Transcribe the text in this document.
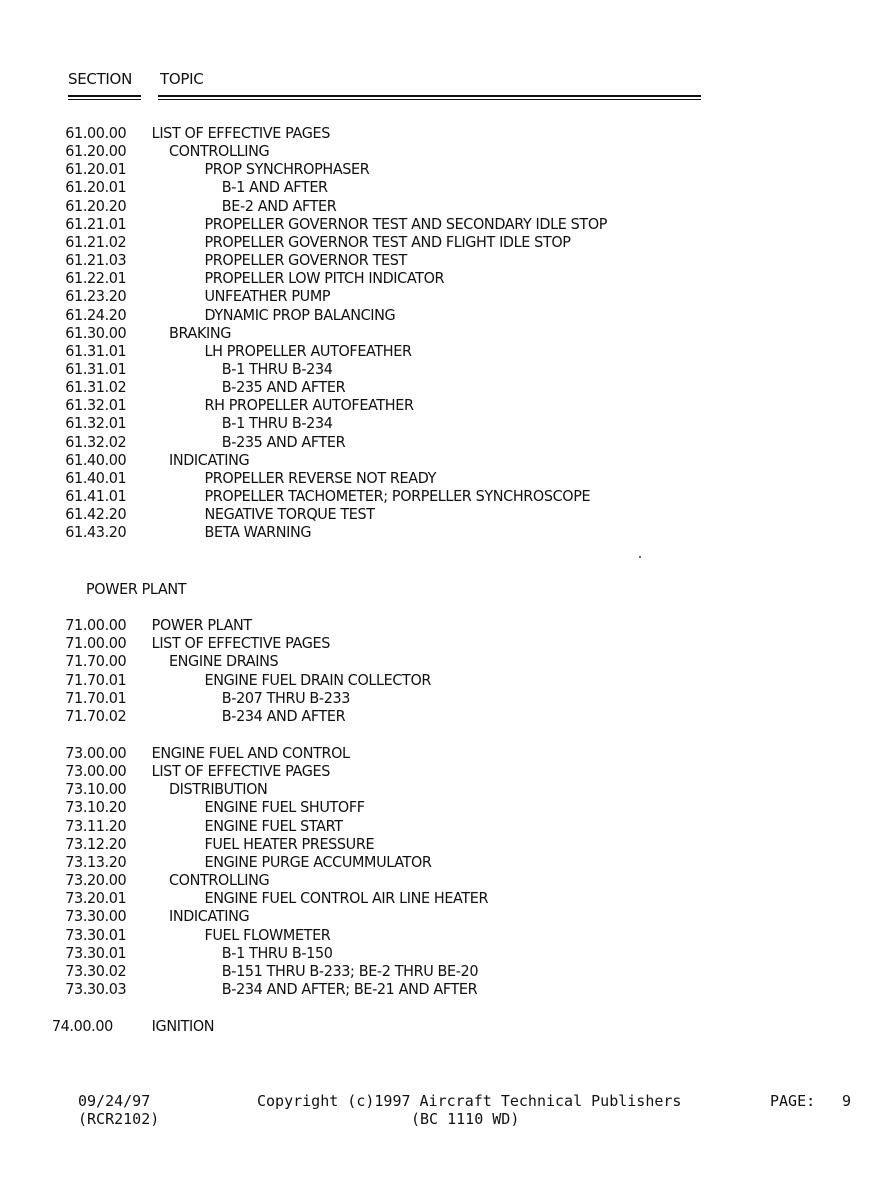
SECTION TOPIC
61.00.00 LIST OF EFFECTIVE PAGES
61.20.00	CONTROLLING
61.20.01	PROP SYNCHROPHASER
61.20.01	B-1 AND AFTER
61.20.20	BE-2 AND AFTER
61.21.01	PROPELLER GOVERNOR TEST AND SECONDARY IDLE STOP
61.21.02	PROPELLER GOVERNOR TEST AND FLIGHT IDLE STOP
61.21.03	PROPELLER GOVERNOR TEST
61.22.01	PROPELLER LOW PITCH INDICATOR
61.23.20	UNFEATHER PUMP
61.24.20	DYNAMIC PROP BALANCING
61.30.00	BRAKING
61.31.01	LH PROPELLER AUTOFEATHER
61.31.01	B-1 THRU B-234
61.31.02	B-235 AND AFTER
61.32.01	RH PROPELLER AUTOFEATHER
61.32.01	B-1 THRU B-234
61.32.02	B-235 AND AFTER
61.40.00	INDICATING
61.40.01	PROPELLER REVERSE NOT READY
61.41.01	PROPELLER TACHOMETER; PORPELLER SYNCHROSCOPE
61.42.20	NEGATIVE TORQUE TEST
61.43.20	BETA WARNING
71.00.00 POWER PLANT
71.00.00 LIST OF EFFECTIVE PAGES
71.70.00	ENGINE DRAINS
71.70.01	ENGINE FUEL DRAIN COLLECTOR
71.70.01	B-207 THRU B-233
71.70.02	B-234 AND AFTER
73.00.00 ENGINE FUEL AND CONTROL
73.00.00 LIST OF EFFECTIVE PAGES
73.10.00	DISTRIBUTION
73.10.20	ENGINE FUEL SHUTOFF
73.11.20	ENGINE FUEL START
73.12.20	FUEL HEATER PRESSURE
73.13.20	ENGINE PURGE ACCUMMULATOR
73.20.00	CONTROLLING
73.20.01	ENGINE FUEL CONTROL AIR LINE HEATER
73.30.00	INDICATING
73.30.01	FUEL FLOWMETER
73.30.01	B-1 THRU B-150
73.30.02	B-151 THRU B-233; BE-2 THRU BE-20
73.30.03	B-234 AND AFTER; BE-21 AND AFTER
74.00.00	IGNITION
POWER PLANT
09/24/97
(RCR2102)
Copyright (c)1997 Aircraft Technical Publishers
(BC 1110 WD)
PAGE: 9
